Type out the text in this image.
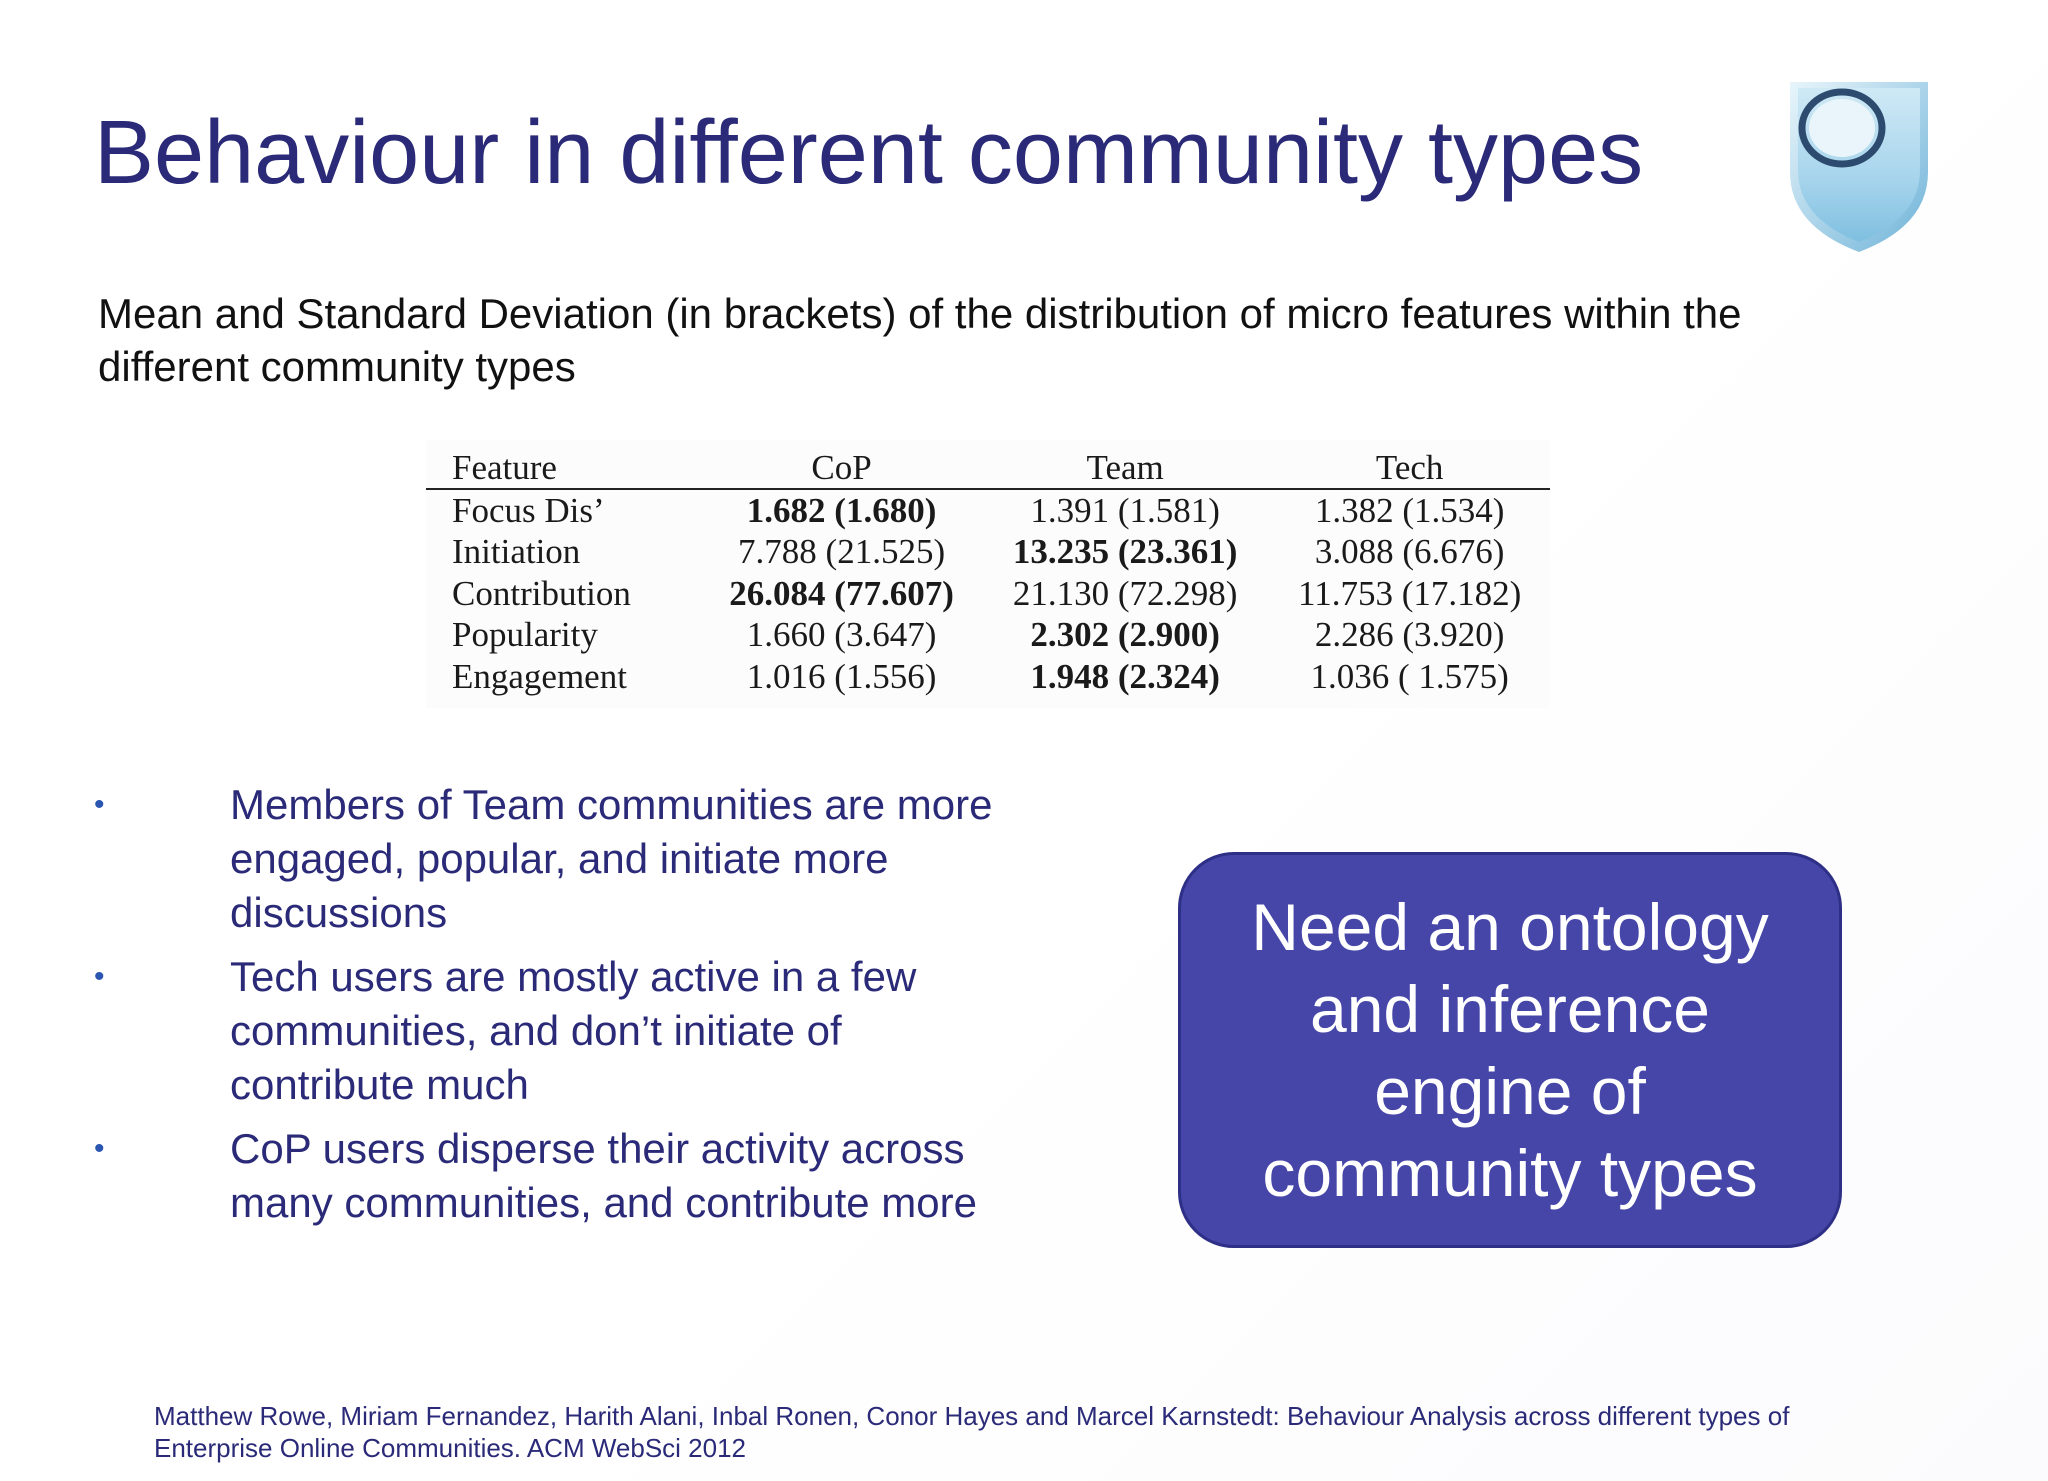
Behaviour in different community types
Mean and Standard Deviation (in brackets) of the distribution of micro features within the different community types
Feature	CoP	Team	Tech
Focus Dis’	1.682 (1.680)	1.391 (1.581)	1.382 (1.534)
Initiation	7.788 (21.525)	13.235 (23.361)	3.088 (6.676)
Contribution	26.084 (77.607)	21.130 (72.298)	11.753 (17.182)
Popularity	1.660 (3.647)	2.302 (2.900)	2.286 (3.920)
Engagement	1.016 (1.556)	1.948 (2.324)	1.036 ( 1.575)
•	Members of Team communities are more engaged, popular, and initiate more discussions
•	Tech users are mostly active in a few communities, and don’t initiate of contribute much
•	CoP users disperse their activity across many communities, and contribute more
Need an ontology and inference engine of community types
Matthew Rowe, Miriam Fernandez, Harith Alani, Inbal Ronen, Conor Hayes and Marcel Karnstedt: Behaviour Analysis across different types of Enterprise Online Communities. ACM WebSci 2012
